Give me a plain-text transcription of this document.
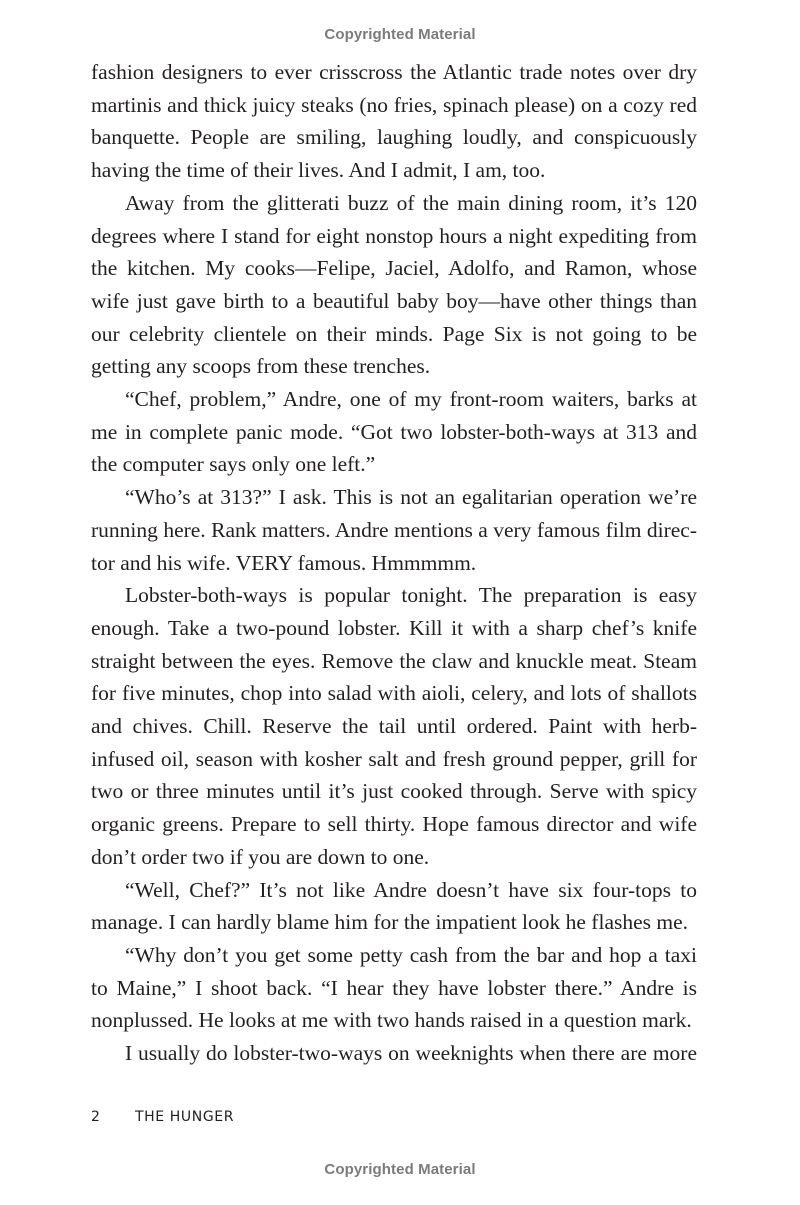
Copyrighted Material

fashion designers to ever crisscross the Atlantic trade notes over dry martinis and thick juicy steaks (no fries, spinach please) on a cozy red banquette. People are smiling, laughing loudly, and conspicuously having the time of their lives. And I admit, I am, too.

Away from the glitterati buzz of the main dining room, it’s 120 degrees where I stand for eight nonstop hours a night expediting from the kitchen. My cooks—Felipe, Jaciel, Adolfo, and Ramon, whose wife just gave birth to a beautiful baby boy—have other things than our celebrity clientele on their minds. Page Six is not going to be getting any scoops from these trenches.

“Chef, problem,” Andre, one of my front-room waiters, barks at me in complete panic mode. “Got two lobster-both-ways at 313 and the computer says only one left.”

“Who’s at 313?” I ask. This is not an egalitarian operation we’re running here. Rank matters. Andre mentions a very famous film director and his wife. VERY famous. Hmmmmm.

Lobster-both-ways is popular tonight. The preparation is easy enough. Take a two-pound lobster. Kill it with a sharp chef’s knife straight between the eyes. Remove the claw and knuckle meat. Steam for five minutes, chop into salad with aioli, celery, and lots of shallots and chives. Chill. Reserve the tail until ordered. Paint with herb-infused oil, season with kosher salt and fresh ground pepper, grill for two or three minutes until it’s just cooked through. Serve with spicy organic greens. Prepare to sell thirty. Hope famous director and wife don’t order two if you are down to one.

“Well, Chef?” It’s not like Andre doesn’t have six four-tops to manage. I can hardly blame him for the impatient look he flashes me.

“Why don’t you get some petty cash from the bar and hop a taxi to Maine,” I shoot back. “I hear they have lobster there.” Andre is nonplussed. He looks at me with two hands raised in a question mark.

I usually do lobster-two-ways on weeknights when there are more

2 THE HUNGER
Copyrighted Material
